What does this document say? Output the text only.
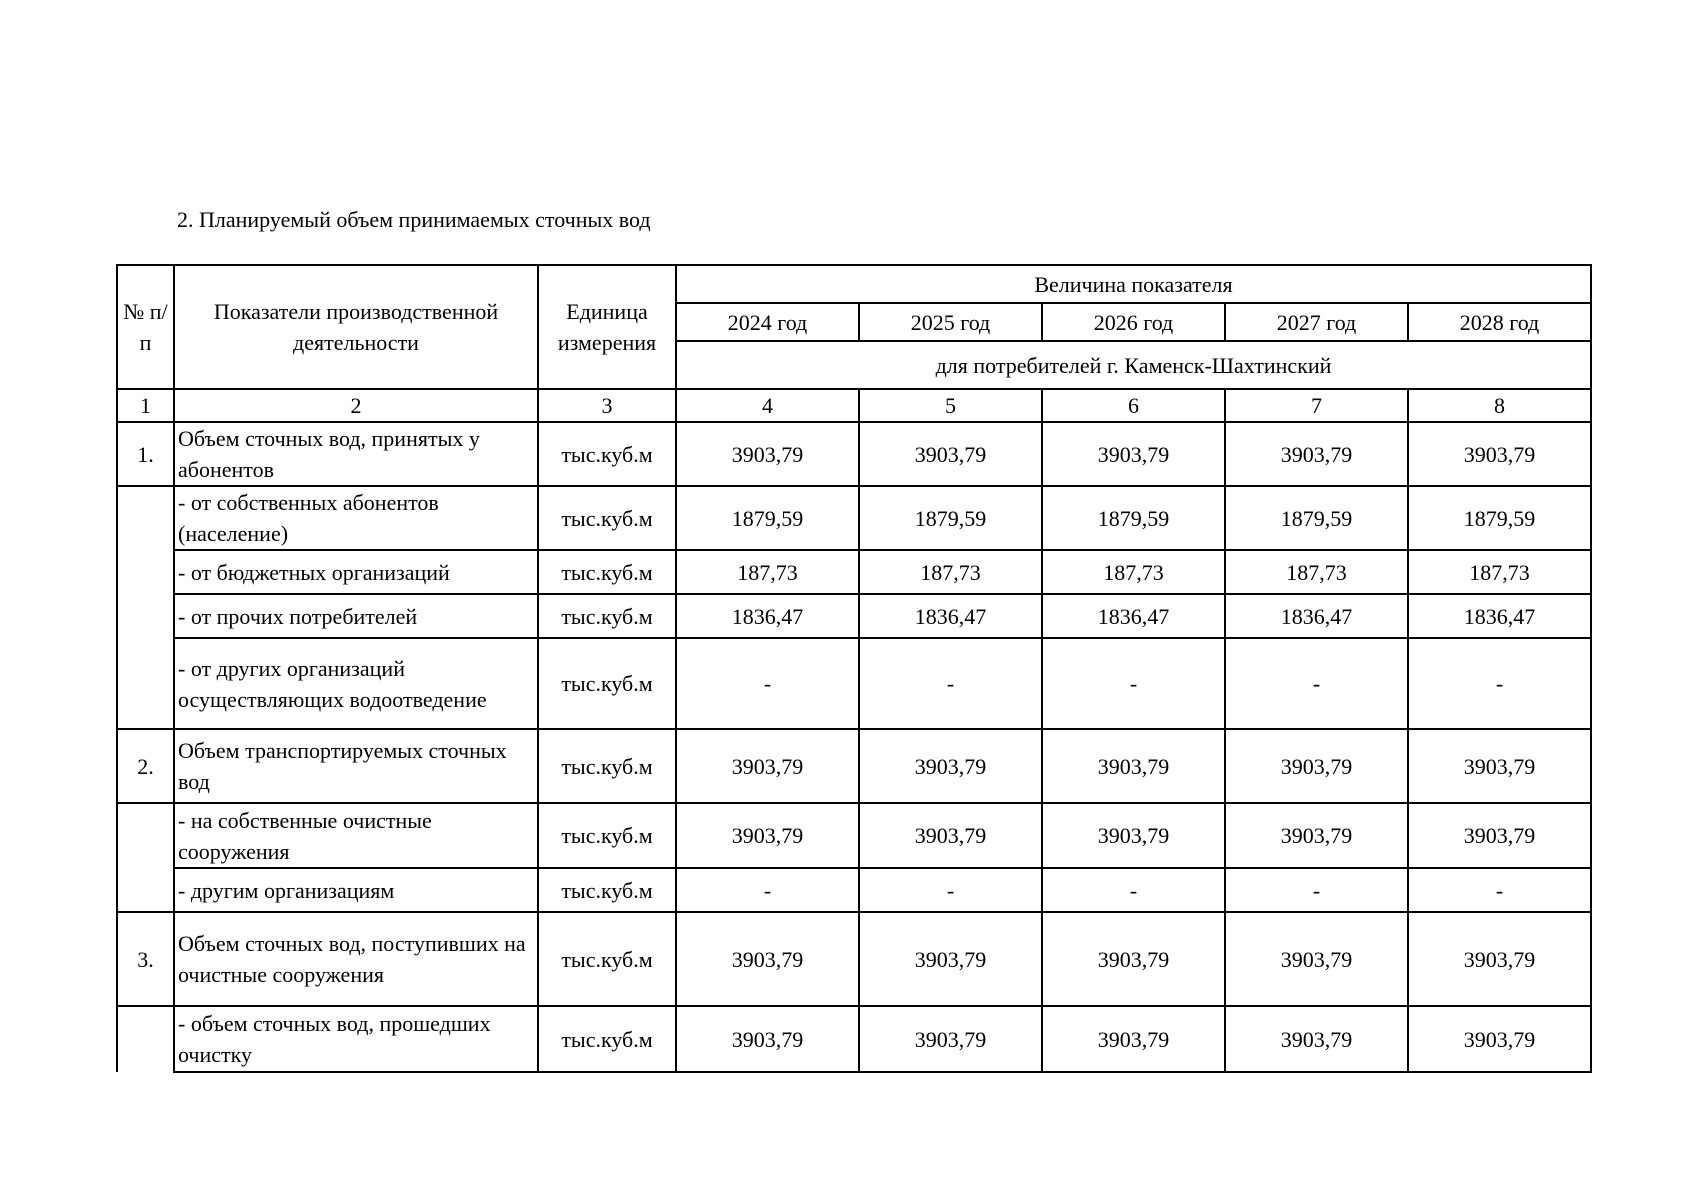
2. Планируемый объем принимаемых сточных вод
№ п/п	Показатели производственной деятельности	Единица измерения	Величина показателя				
			2024 год	2025 год	2026 год	2027 год	2028 год
			для потребителей г. Каменск-Шахтинский				
1	2	3	4	5	6	7	8
1.	Объем сточных вод, принятых у абонентов	тыс.куб.м	3903,79	3903,79	3903,79	3903,79	3903,79
	- от собственных абонентов (население)	тыс.куб.м	1879,59	1879,59	1879,59	1879,59	1879,59
	- от бюджетных организаций	тыс.куб.м	187,73	187,73	187,73	187,73	187,73
	- от прочих потребителей	тыс.куб.м	1836,47	1836,47	1836,47	1836,47	1836,47
	- от других организаций осуществляющих водоотведение	тыс.куб.м	-	-	-	-	-
2.	Объем транспортируемых сточных вод	тыс.куб.м	3903,79	3903,79	3903,79	3903,79	3903,79
	- на собственные очистные сооружения	тыс.куб.м	3903,79	3903,79	3903,79	3903,79	3903,79
	- другим организациям	тыс.куб.м	-	-	-	-	-
3.	Объем сточных вод, поступивших на очистные сооружения	тыс.куб.м	3903,79	3903,79	3903,79	3903,79	3903,79
	- объем сточных вод, прошедших очистку	тыс.куб.м	3903,79	3903,79	3903,79	3903,79	3903,79
